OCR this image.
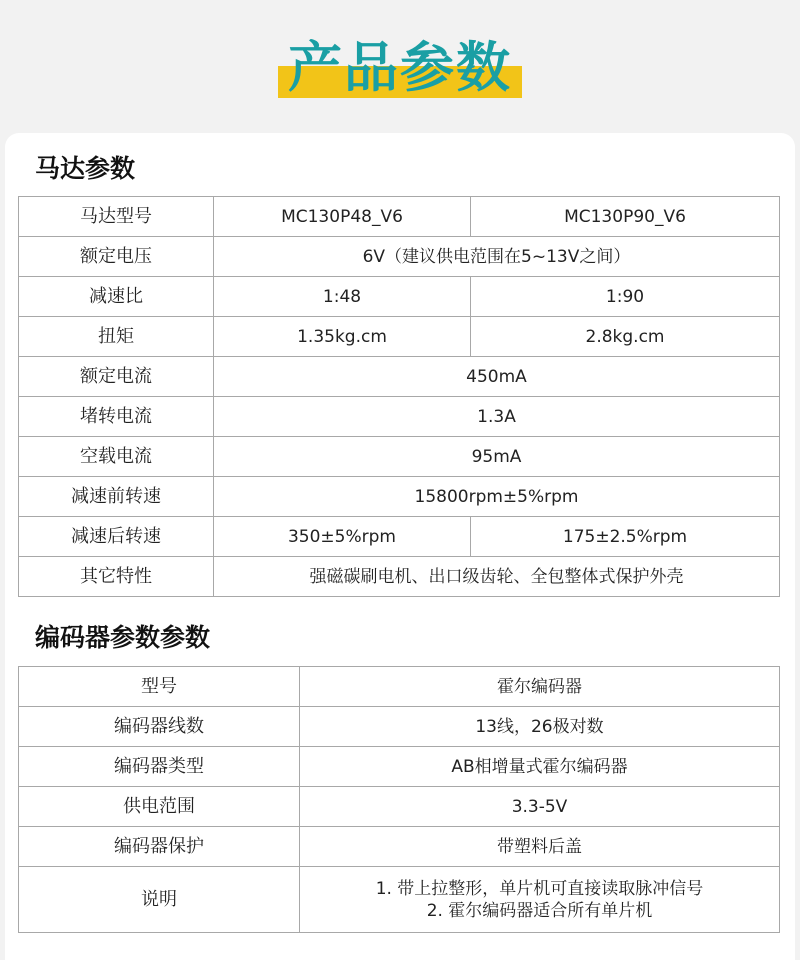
产品参数
马达参数
马达型号	MC130P48_V6	MC130P90_V6
额定电压	6V（建议供电范围在5~13V之间）	
减速比	1:48	1:90
扭矩	1.35kg.cm	2.8kg.cm
额定电流	450mA	
堵转电流	1.3A	
空载电流	95mA	
减速前转速	15800rpm±5%rpm	
减速后转速	350±5%rpm	175±2.5%rpm
其它特性	强磁碳刷电机、出口级齿轮、全包整体式保护外壳	
编码器参数参数
型号	霍尔编码器
编码器线数	13线，26极对数
编码器类型	AB相增量式霍尔编码器
供电范围	3.3-5V
编码器保护	带塑料后盖
说明	1. 带上拉整形，单片机可直接读取脉冲信号
2. 霍尔编码器适合所有单片机
